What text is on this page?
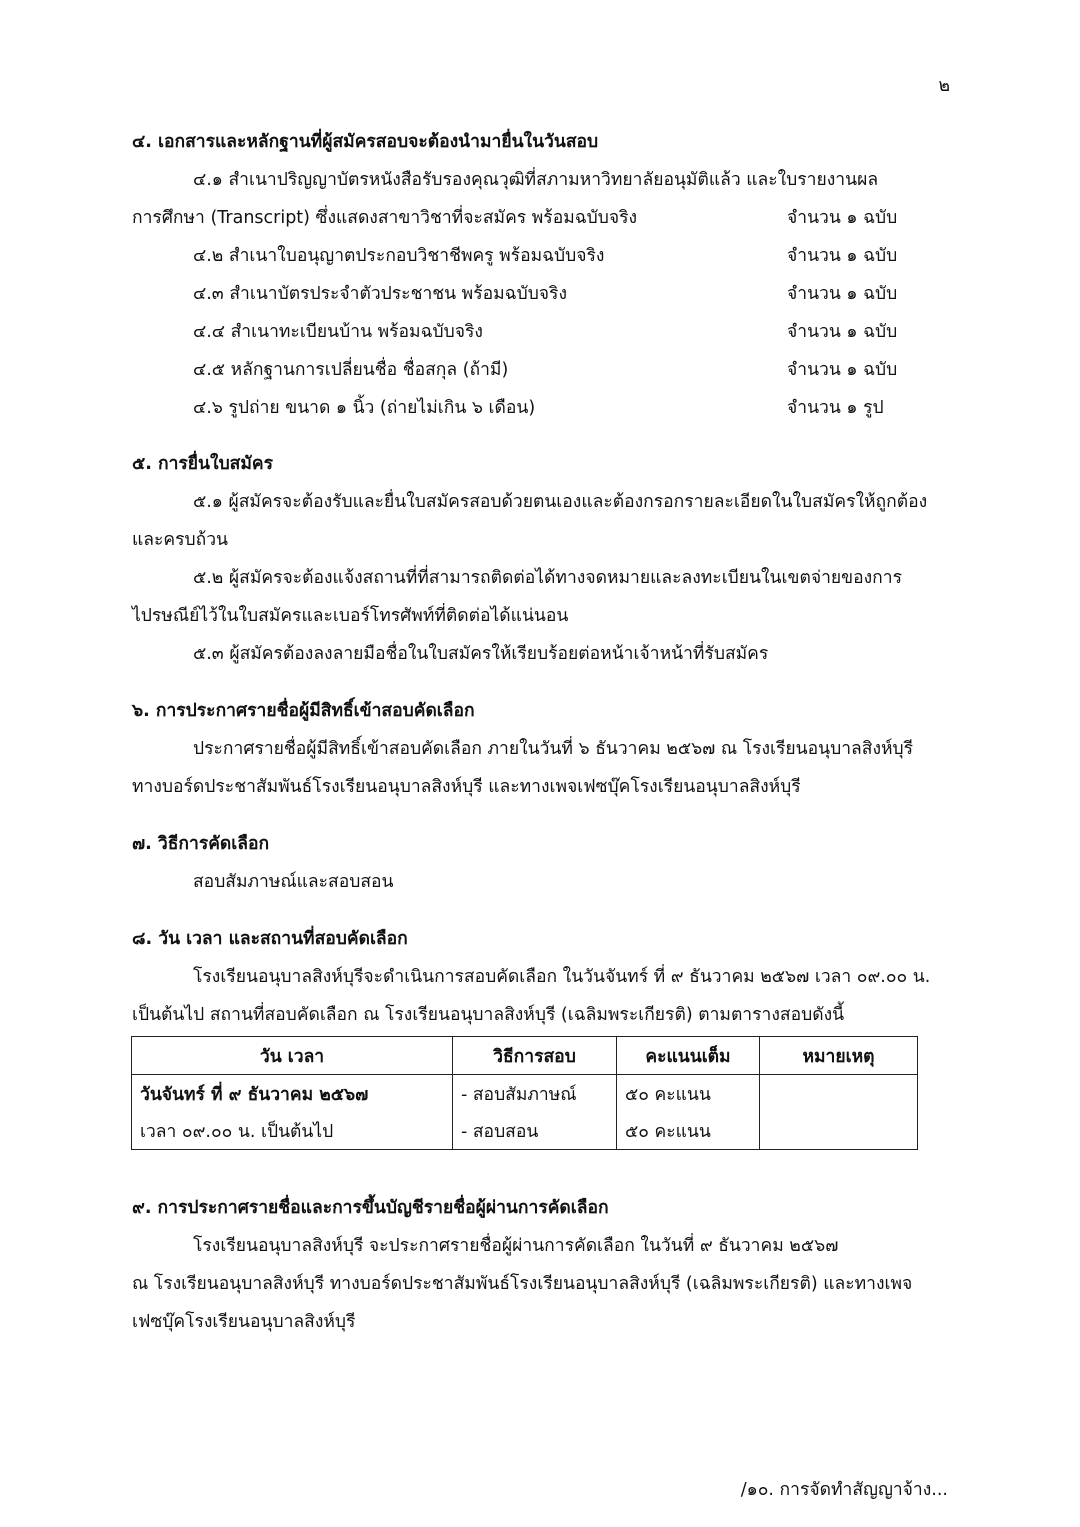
๒
๔. เอกสารและหลักฐานที่ผู้สมัครสอบจะต้องนำมายื่นในวันสอบ
๔.๑ สำเนาปริญญาบัตรหนังสือรับรองคุณวุฒิที่สภามหาวิทยาลัยอนุมัติแล้ว และใบรายงานผล
การศึกษา (Transcript) ซึ่งแสดงสาขาวิชาที่จะสมัคร พร้อมฉบับจริง	จำนวน ๑ ฉบับ
๔.๒ สำเนาใบอนุญาตประกอบวิชาชีพครู พร้อมฉบับจริง	จำนวน ๑ ฉบับ
๔.๓ สำเนาบัตรประจำตัวประชาชน พร้อมฉบับจริง	จำนวน ๑ ฉบับ
๔.๔ สำเนาทะเบียนบ้าน พร้อมฉบับจริง	จำนวน ๑ ฉบับ
๔.๕ หลักฐานการเปลี่ยนชื่อ ชื่อสกุล (ถ้ามี)	จำนวน ๑ ฉบับ
๔.๖ รูปถ่าย ขนาด ๑ นิ้ว (ถ่ายไม่เกิน ๖ เดือน)	จำนวน ๑ รูป
๕. การยื่นใบสมัคร
๕.๑ ผู้สมัครจะต้องรับและยื่นใบสมัครสอบด้วยตนเองและต้องกรอกรายละเอียดในใบสมัครให้ถูกต้อง
และครบถ้วน
๕.๒ ผู้สมัครจะต้องแจ้งสถานที่ที่สามารถติดต่อได้ทางจดหมายและลงทะเบียนในเขตจ่ายของการ
ไปรษณีย์ไว้ในใบสมัครและเบอร์โทรศัพท์ที่ติดต่อได้แน่นอน
๕.๓ ผู้สมัครต้องลงลายมือชื่อในใบสมัครให้เรียบร้อยต่อหน้าเจ้าหน้าที่รับสมัคร
๖. การประกาศรายชื่อผู้มีสิทธิ์เข้าสอบคัดเลือก
ประกาศรายชื่อผู้มีสิทธิ์เข้าสอบคัดเลือก ภายในวันที่ ๖ ธันวาคม ๒๕๖๗ ณ โรงเรียนอนุบาลสิงห์บุรี
ทางบอร์ดประชาสัมพันธ์โรงเรียนอนุบาลสิงห์บุรี และทางเพจเฟซบุ๊คโรงเรียนอนุบาลสิงห์บุรี
๗. วิธีการคัดเลือก
สอบสัมภาษณ์และสอบสอน
๘. วัน เวลา และสถานที่สอบคัดเลือก
โรงเรียนอนุบาลสิงห์บุรีจะดำเนินการสอบคัดเลือก ในวันจันทร์ ที่ ๙ ธันวาคม ๒๕๖๗ เวลา ๐๙.๐๐ น.
เป็นต้นไป สถานที่สอบคัดเลือก ณ โรงเรียนอนุบาลสิงห์บุรี (เฉลิมพระเกียรติ) ตามตารางสอบดังนี้
วัน เวลา	วิธีการสอบ	คะแนนเต็ม	หมายเหตุ
วันจันทร์ ที่ ๙ ธันวาคม ๒๕๖๗	- สอบสัมภาษณ์	๕๐ คะแนน	
เวลา ๐๙.๐๐ น. เป็นต้นไป	- สอบสอน	๕๐ คะแนน	
๙. การประกาศรายชื่อและการขึ้นบัญชีรายชื่อผู้ผ่านการคัดเลือก
โรงเรียนอนุบาลสิงห์บุรี จะประกาศรายชื่อผู้ผ่านการคัดเลือก ในวันที่ ๙ ธันวาคม ๒๕๖๗
ณ โรงเรียนอนุบาลสิงห์บุรี ทางบอร์ดประชาสัมพันธ์โรงเรียนอนุบาลสิงห์บุรี (เฉลิมพระเกียรติ) และทางเพจ
เฟซบุ๊คโรงเรียนอนุบาลสิงห์บุรี
/๑๐. การจัดทำสัญญาจ้าง...
